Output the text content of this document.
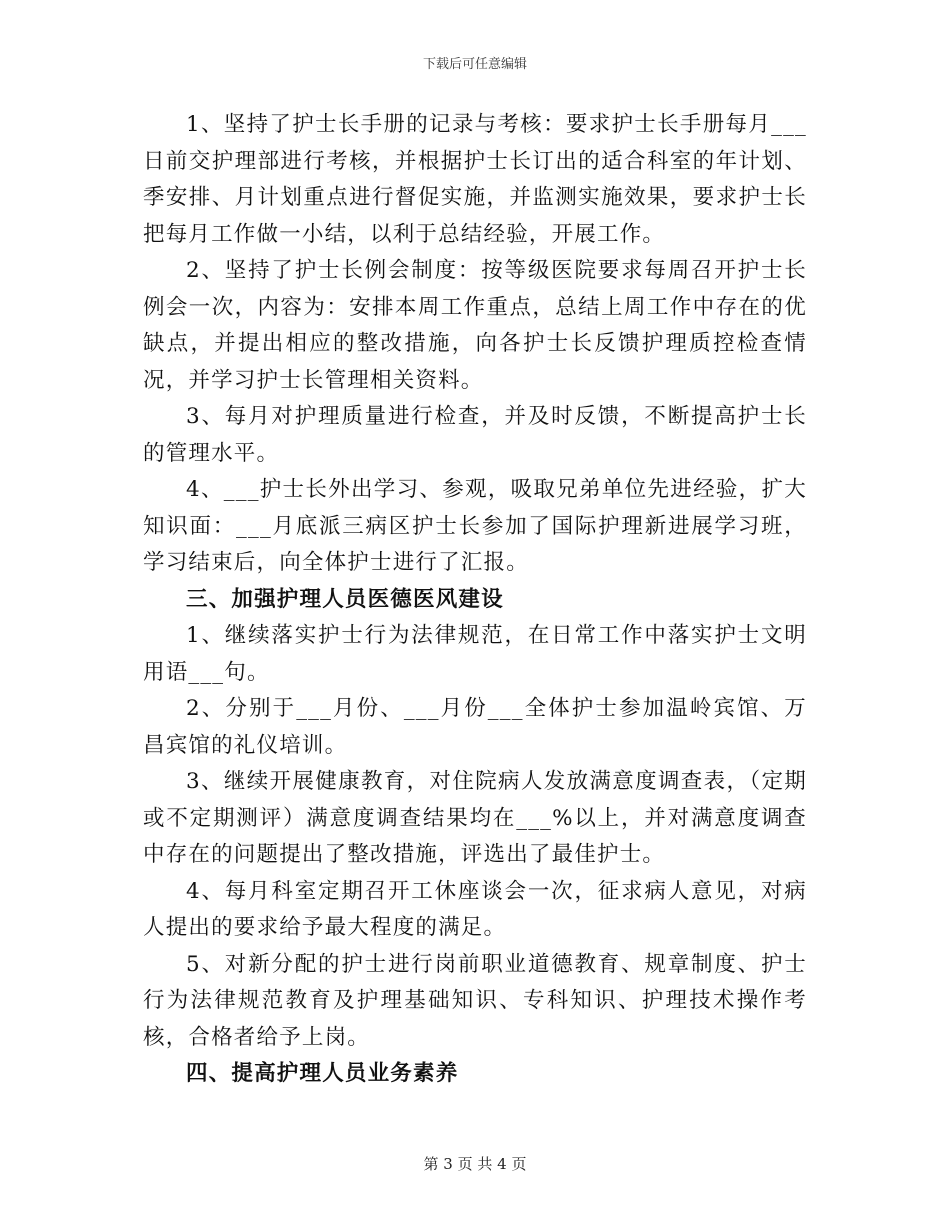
下载后可任意编辑

1、坚持了护士长手册的记录与考核：要求护士长手册每月___日前交护理部进行考核，并根据护士长订出的适合科室的年计划、季安排、月计划重点进行督促实施，并监测实施效果，要求护士长把每月工作做一小结，以利于总结经验，开展工作。

2、坚持了护士长例会制度：按等级医院要求每周召开护士长例会一次，内容为：安排本周工作重点，总结上周工作中存在的优缺点，并提出相应的整改措施，向各护士长反馈护理质控检查情况，并学习护士长管理相关资料。

3、每月对护理质量进行检查，并及时反馈，不断提高护士长的管理水平。

4、___护士长外出学习、参观，吸取兄弟单位先进经验，扩大知识面：___月底派三病区护士长参加了国际护理新进展学习班，学习结束后，向全体护士进行了汇报。

三、加强护理人员医德医风建设

1、继续落实护士行为法律规范，在日常工作中落实护士文明用语___句。

2、分别于___月份、___月份___全体护士参加温岭宾馆、万昌宾馆的礼仪培训。

3、继续开展健康教育，对住院病人发放满意度调查表，（定期或不定期测评）满意度调查结果均在___%以上，并对满意度调查中存在的问题提出了整改措施，评选出了最佳护士。

4、每月科室定期召开工休座谈会一次，征求病人意见，对病人提出的要求给予最大程度的满足。

5、对新分配的护士进行岗前职业道德教育、规章制度、护士行为法律规范教育及护理基础知识、专科知识、护理技术操作考核，合格者给予上岗。

四、提高护理人员业务素养

第 3 页 共 4 页
